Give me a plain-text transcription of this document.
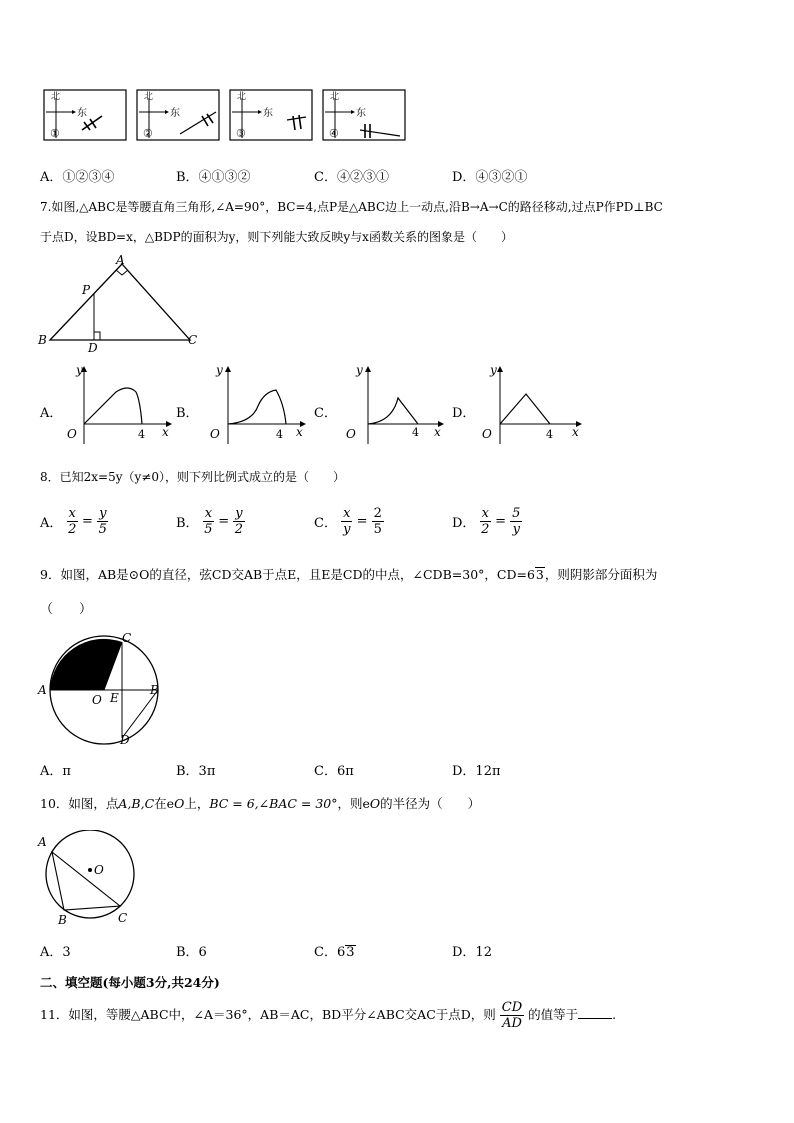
北
东
①
北
东
②
北
东
③
北
东
④
A．①②③④	B．④①③②	C．④②③①	D．④③②①
7.如图,△ABC是等腰直角三角形,∠A=90°，BC=4,点P是△ABC边上一动点,沿B→A→C的路径移动,过点P作PD⊥BC
于点D，设BD=x，△BDP的面积为y，则下列能大致反映y与x函数关系的图象是（　　）
A
B	C
P
D
A．
y
x
O	4
B．
y
x
O	4
C．
y
x
O	4
D．
y
x
O	4
8．已知2x=5y（y≠0），则下列比例式成立的是（　　）
A． $\frac{x}{2} = \frac{y}{5}$	B． $\frac{x}{5} = \frac{y}{2}$	C． $\frac{x}{y} = \frac{2}{5}$	D． $\frac{x}{2} = \frac{5}{y}$
9．如图，AB是⊙O的直径，弦CD交AB于点E，且E是CD的中点，∠CDB=30°，CD=63，则阴影部分面积为
（　　）
A	B
C
D
O E
A．π	B．3π	C．6π	D．12π
10．如图，点A,B,C在eO上，BC = 6,∠BAC = 30°，则eO的半径为（　　）
A
B	C
O
A．3	B．6	C．63	D．12
二、填空题(每小题3分,共24分)
11．如图，等腰△ABC中，∠A＝36°，AB＝AC，BD平分∠ABC交AC于点D，则 $\frac{CD}{AD}$ 的值等于	.
